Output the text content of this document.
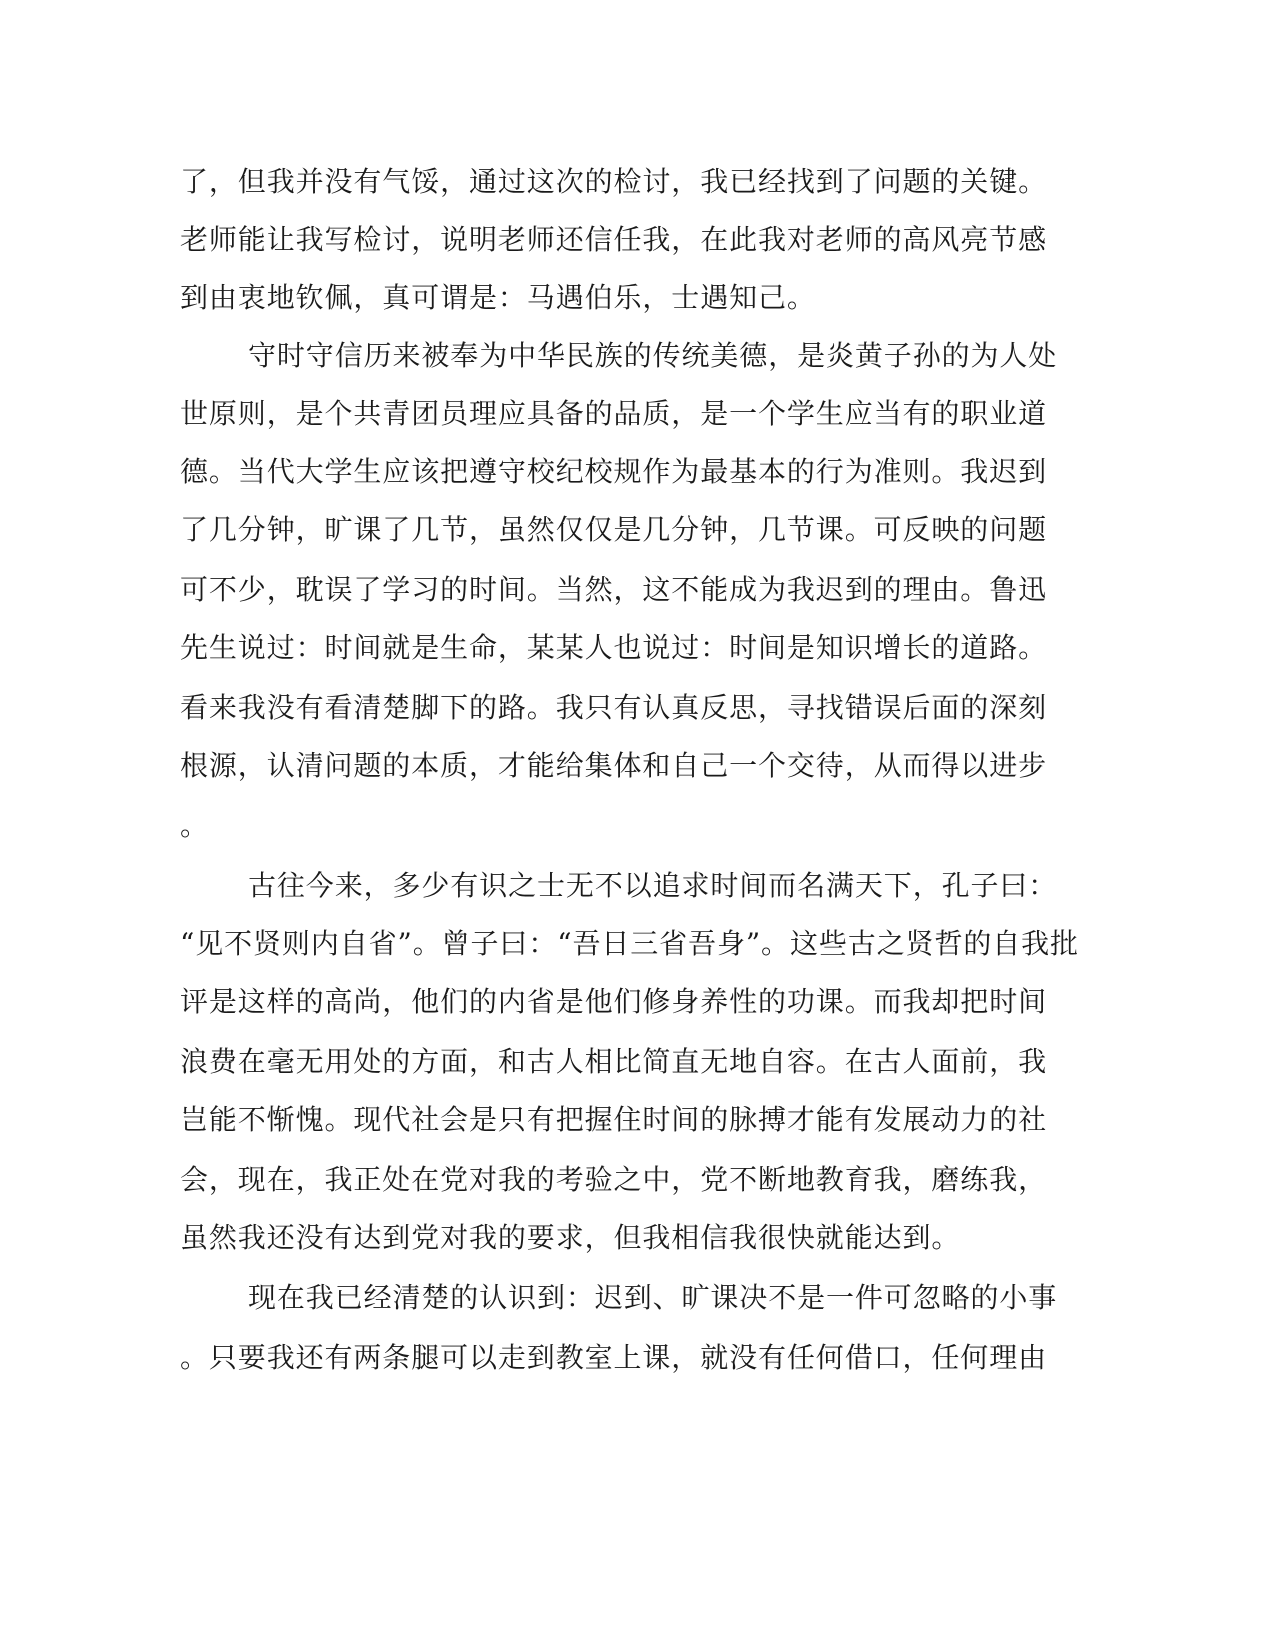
了，但我并没有气馁，通过这次的检讨，我已经找到了问题的关键。
老师能让我写检讨，说明老师还信任我，在此我对老师的高风亮节感
到由衷地钦佩，真可谓是：马遇伯乐，士遇知己。
守时守信历来被奉为中华民族的传统美德，是炎黄子孙的为人处
世原则，是个共青团员理应具备的品质，是一个学生应当有的职业道
德。当代大学生应该把遵守校纪校规作为最基本的行为准则。我迟到
了几分钟，旷课了几节，虽然仅仅是几分钟，几节课。可反映的问题
可不少，耽误了学习的时间。当然，这不能成为我迟到的理由。鲁迅
先生说过：时间就是生命，某某人也说过：时间是知识增长的道路。
看来我没有看清楚脚下的路。我只有认真反思，寻找错误后面的深刻
根源，认清问题的本质，才能给集体和自己一个交待，从而得以进步
。
古往今来，多少有识之士无不以追求时间而名满天下，孔子曰：
“见不贤则内自省”。曾子曰：“吾日三省吾身”。这些古之贤哲的自我批
评是这样的高尚，他们的内省是他们修身养性的功课。而我却把时间
浪费在毫无用处的方面，和古人相比简直无地自容。在古人面前，我
岂能不惭愧。现代社会是只有把握住时间的脉搏才能有发展动力的社
会，现在，我正处在党对我的考验之中，党不断地教育我，磨练我，
虽然我还没有达到党对我的要求，但我相信我很快就能达到。
现在我已经清楚的认识到：迟到、旷课决不是一件可忽略的小事
。只要我还有两条腿可以走到教室上课，就没有任何借口，任何理由
